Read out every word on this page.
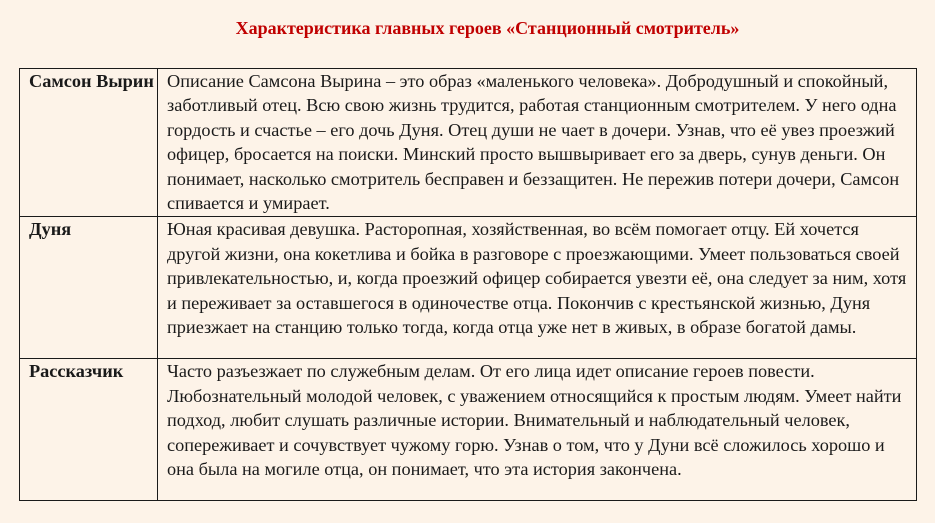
Характеристика главных героев «Станционный смотритель»
Самсон Вырин	Описание Самсона Вырина – это образ «маленького человека». Добродушный и спокойный, заботливый отец. Всю свою жизнь трудится, работая станционным смотрителем. У него одна гордость и счастье – его дочь Дуня. Отец души не чает в дочери. Узнав, что её увез проезжий офицер, бросается на поиски. Минский просто вышвыривает его за дверь, сунув деньги. Он понимает, насколько смотритель бесправен и беззащитен. Не пережив потери дочери, Самсон спивается и умирает.
Дуня	Юная красивая девушка. Расторопная, хозяйственная, во всём помогает отцу. Ей хочется другой жизни, она кокетлива и бойка в разговоре с проезжающими. Умеет пользоваться своей привлекательностью, и, когда проезжий офицер собирается увезти её, она следует за ним, хотя и переживает за оставшегося в одиночестве отца. Покончив с крестьянской жизнью, Дуня приезжает на станцию только тогда, когда отца уже нет в живых, в образе богатой дамы.
Рассказчик	Часто разъезжает по служебным делам. От его лица идет описание героев повести. Любознательный молодой человек, с уважением относящийся к простым людям. Умеет найти подход, любит слушать различные истории. Внимательный и наблюдательный человек, сопереживает и сочувствует чужому горю. Узнав о том, что у Дуни всё сложилось хорошо и она была на могиле отца, он понимает, что эта история закончена.
